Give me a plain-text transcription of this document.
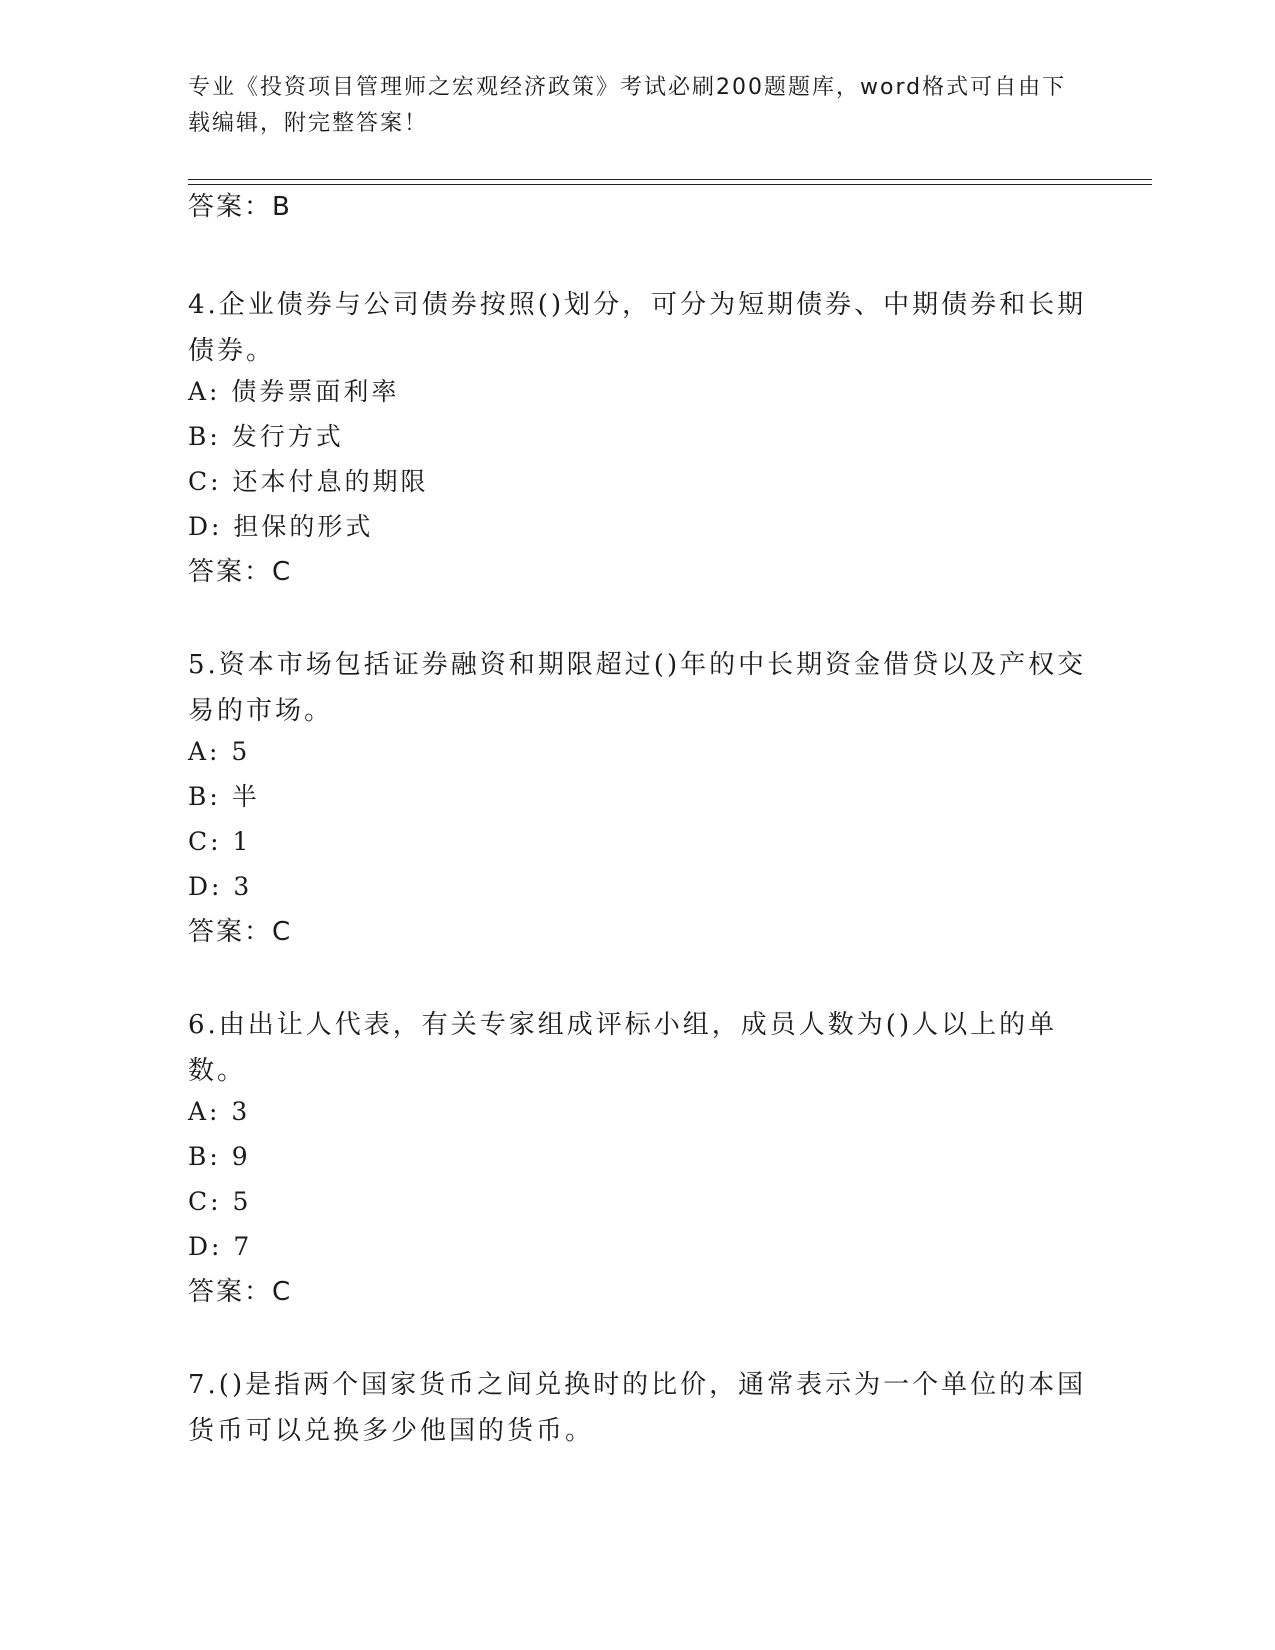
专业《投资项目管理师之宏观经济政策》考试必刷200题题库，word格式可自由下载编辑，附完整答案！

答案：B
4.企业债券与公司债券按照()划分，可分为短期债券、中期债券和长期债券。
A: 债券票面利率
B: 发行方式
C: 还本付息的期限
D: 担保的形式
答案：C
5.资本市场包括证券融资和期限超过()年的中长期资金借贷以及产权交易的市场。
A: 5
B: 半
C: 1
D: 3
答案：C
6.由出让人代表，有关专家组成评标小组，成员人数为()人以上的单数。
A: 3
B: 9
C: 5
D: 7
答案：C
7.()是指两个国家货币之间兑换时的比价，通常表示为一个单位的本国货币可以兑换多少他国的货币。
